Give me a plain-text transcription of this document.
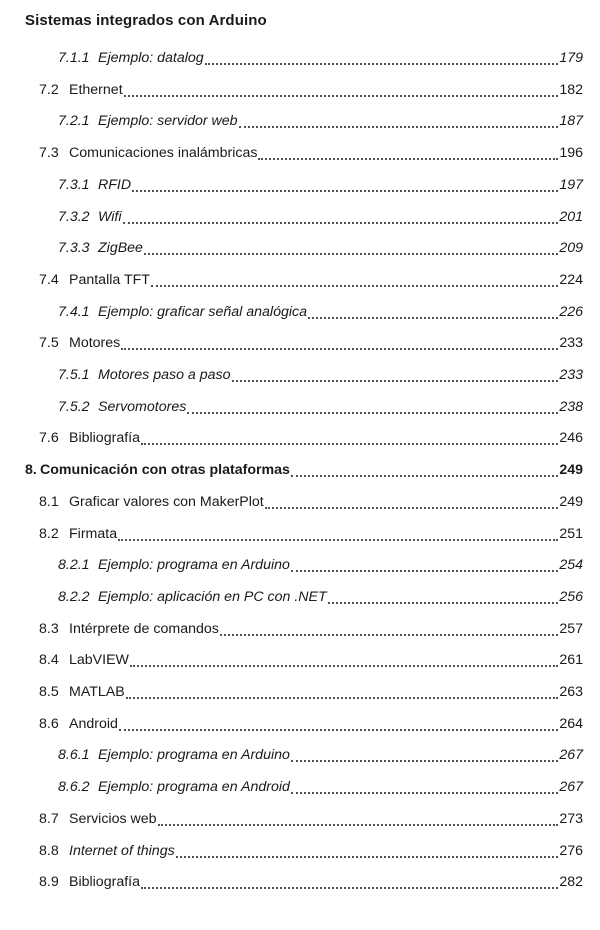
Sistemas integrados con Arduino
7.1.1 Ejemplo: datalog	179
7.2 Ethernet	182
7.2.1 Ejemplo: servidor web	187
7.3 Comunicaciones inalámbricas	196
7.3.1 RFID	197
7.3.2 Wifi	201
7.3.3 ZigBee	209
7.4 Pantalla TFT	224
7.4.1 Ejemplo: graficar señal analógica	226
7.5 Motores	233
7.5.1 Motores paso a paso	233
7.5.2 Servomotores	238
7.6 Bibliografía	246
8. Comunicación con otras plataformas	249
8.1 Graficar valores con MakerPlot	249
8.2 Firmata	251
8.2.1 Ejemplo: programa en Arduino	254
8.2.2 Ejemplo: aplicación en PC con .NET	256
8.3 Intérprete de comandos	257
8.4 LabVIEW	261
8.5 MATLAB	263
8.6 Android	264
8.6.1 Ejemplo: programa en Arduino	267
8.6.2 Ejemplo: programa en Android	267
8.7 Servicios web	273
8.8 Internet of things	276
8.9 Bibliografía	282
